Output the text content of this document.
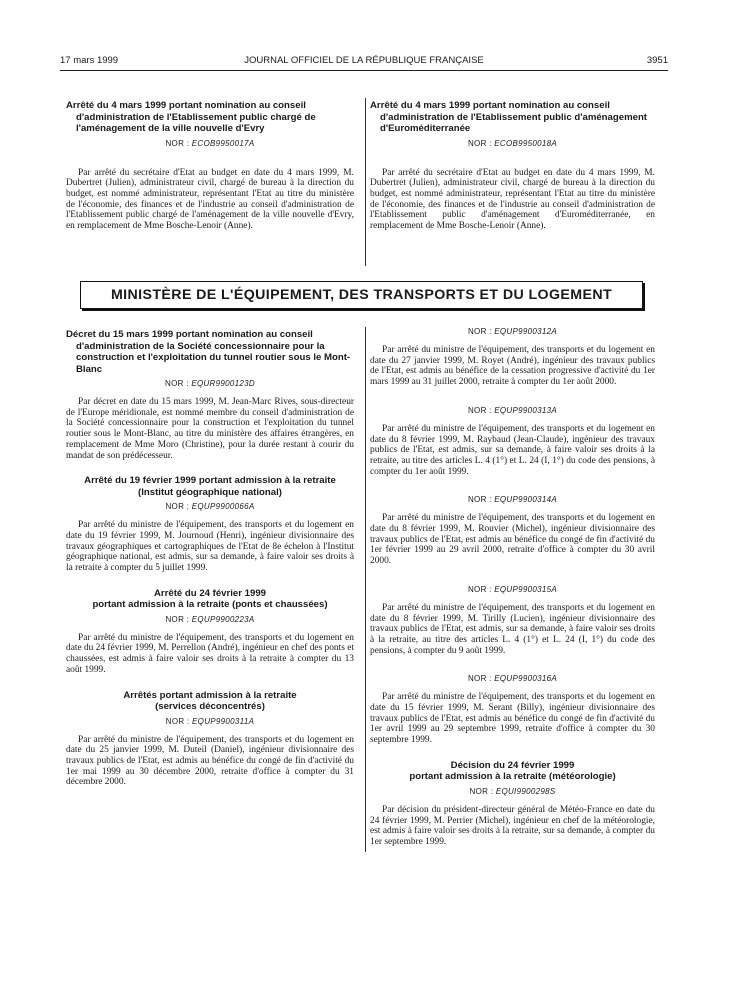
17 mars 1999	JOURNAL OFFICIEL DE LA RÉPUBLIQUE FRANÇAISE	3951

Arrêté du 4 mars 1999 portant nomination au conseil d'administration de l'Etablissement public chargé de l'aménagement de la ville nouvelle d'Evry

NOR : ECOB9950017A

Par arrêté du secrétaire d'Etat au budget en date du 4 mars 1999, M. Dubertret (Julien), administrateur civil, chargé de bureau à la direction du budget, est nommé administrateur, représentant l'Etat au titre du ministère de l'économie, des finances et de l'industrie au conseil d'administration de l'Etablissement public chargé de l'aménagement de la ville nouvelle d'Evry, en remplacement de Mme Bosche-Lenoir (Anne).

Arrêté du 4 mars 1999 portant nomination au conseil d'administration de l'Etablissement public d'aménagement d'Euroméditerranée

NOR : ECOB9950018A

Par arrêté du secrétaire d'Etat au budget en date du 4 mars 1999, M. Dubertret (Julien), administrateur civil, chargé de bureau à la direction du budget, est nommé administrateur, représentant l'Etat au titre du ministère de l'économie, des finances et de l'industrie au conseil d'administration de l'Etablissement public d'aménagement d'Euroméditerranée, en remplacement de Mme Bosche-Lenoir (Anne).

MINISTÈRE DE L'ÉQUIPEMENT, DES TRANSPORTS ET DU LOGEMENT

Décret du 15 mars 1999 portant nomination au conseil d'administration de la Société concessionnaire pour la construction et l'exploitation du tunnel routier sous le Mont-Blanc

NOR : EQUR9900123D

Par décret en date du 15 mars 1999, M. Jean-Marc Rives, sous-directeur de l'Europe méridionale, est nommé membre du conseil d'administration de la Société concessionnaire pour la construction et l'exploitation du tunnel routier sous le Mont-Blanc, au titre du ministère des affaires étrangères, en remplacement de Mme Moro (Christine), pour la durée restant à courir du mandat de son prédécesseur.

Arrêté du 19 février 1999 portant admission à la retraite (Institut géographique national)

NOR : EQUP9900066A

Par arrêté du ministre de l'équipement, des transports et du logement en date du 19 février 1999, M. Journoud (Henri), ingénieur divisionnaire des travaux géographiques et cartographiques de l'Etat de 8e échelon à l'Institut géographique national, est admis, sur sa demande, à faire valoir ses droits à la retraite à compter du 5 juillet 1999.

Arrêté du 24 février 1999
portant admission à la retraite (ponts et chaussées)

NOR : EQUP9900223A

Par arrêté du ministre de l'équipement, des transports et du logement en date du 24 février 1999, M. Perrellon (André), ingénieur en chef des ponts et chaussées, est admis à faire valoir ses droits à la retraite à compter du 13 août 1999.

Arrêtés portant admission à la retraite
(services déconcentrés)

NOR : EQUP9900311A

Par arrêté du ministre de l'équipement, des transports et du logement en date du 25 janvier 1999, M. Duteil (Daniel), ingénieur divisionnaire des travaux publics de l'Etat, est admis au bénéfice du congé de fin d'activité du 1er mai 1999 au 30 décembre 2000, retraite d'office à compter du 31 décembre 2000.

NOR : EQUP9900312A

Par arrêté du ministre de l'équipement, des transports et du logement en date du 27 janvier 1999, M. Royet (André), ingénieur des travaux publics de l'Etat, est admis au bénéfice de la cessation progressive d'activité du 1er mars 1999 au 31 juillet 2000, retraite à compter du 1er août 2000.

NOR : EQUP9900313A

Par arrêté du ministre de l'équipement, des transports et du logement en date du 8 février 1999, M. Raybaud (Jean-Claude), ingénieur des travaux publics de l'Etat, est admis, sur sa demande, à faire valoir ses droits à la retraite, au titre des articles L. 4 (1°) et L. 24 (I, 1°) du code des pensions, à compter du 1er août 1999.

NOR : EQUP9900314A

Par arrêté du ministre de l'équipement, des transports et du logement en date du 8 février 1999, M. Rouvier (Michel), ingénieur divisionnaire des travaux publics de l'Etat, est admis au bénéfice du congé de fin d'activité du 1er février 1999 au 29 avril 2000, retraite d'office à compter du 30 avril 2000.

NOR : EQUP9900315A

Par arrêté du ministre de l'équipement, des transports et du logement en date du 8 février 1999, M. Tirilly (Lucien), ingénieur divisionnaire des travaux publics de l'Etat, est admis, sur sa demande, à faire valoir ses droits à la retraite, au titre des articles L. 4 (1°) et L. 24 (I, 1°) du code des pensions, à compter du 9 août 1999.

NOR : EQUP9900316A

Par arrêté du ministre de l'équipement, des transports et du logement en date du 15 février 1999, M. Serant (Billy), ingénieur divisionnaire des travaux publics de l'Etat, est admis au bénéfice du congé de fin d'activité du 1er avril 1999 au 29 septembre 1999, retraite d'office à compter du 30 septembre 1999.

Décision du 24 février 1999
portant admission à la retraite (météorologie)

NOR : EQUI9900298S

Par décision du président-directeur général de Météo-France en date du 24 février 1999, M. Perrier (Michel), ingénieur en chef de la météorologie, est admis à faire valoir ses droits à la retraite, sur sa demande, à compter du 1er septembre 1999.
